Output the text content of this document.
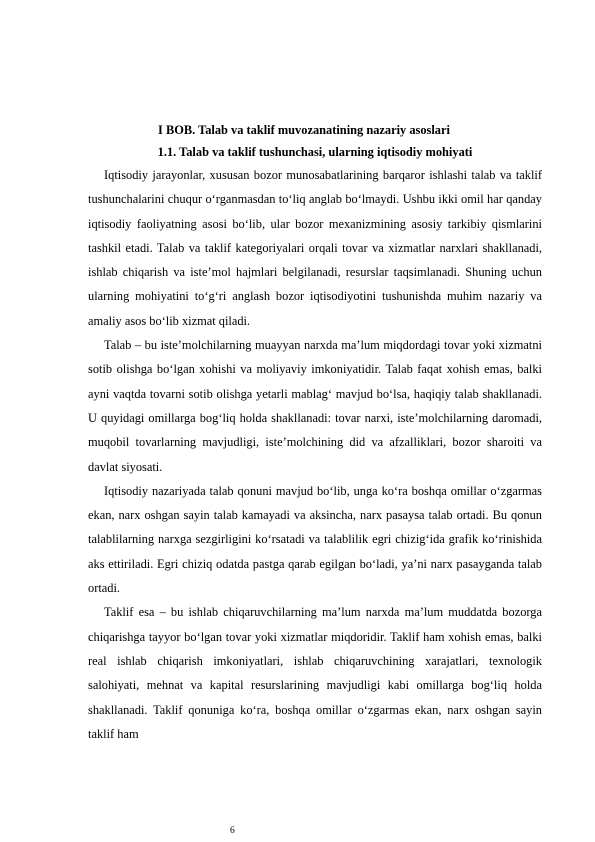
I BOB. Talab va taklif muvozanatining nazariy asoslari
1.1. Talab va taklif tushunchasi, ularning iqtisodiy mohiyati

Iqtisodiy jarayonlar, xususan bozor munosabatlarining barqaror ishlashi talab va taklif tushunchalarini chuqur o‘rganmasdan to‘liq anglab bo‘lmaydi. Ushbu ikki omil har qanday iqtisodiy faoliyatning asosi bo‘lib, ular bozor mexanizmining asosiy tarkibiy qismlarini tashkil etadi. Talab va taklif kategoriyalari orqali tovar va xizmatlar narxlari shakllanadi, ishlab chiqarish va iste’mol hajmlari belgilanadi, resurslar taqsimlanadi. Shuning uchun ularning mohiyatini to‘g‘ri anglash bozor iqtisodiyotini tushunishda muhim nazariy va amaliy asos bo‘lib xizmat qiladi.

Talab – bu iste’molchilarning muayyan narxda ma’lum miqdordagi tovar yoki xizmatni sotib olishga bo‘lgan xohishi va moliyaviy imkoniyatidir. Talab faqat xohish emas, balki ayni vaqtda tovarni sotib olishga yetarli mablag‘ mavjud bo‘lsa, haqiqiy talab shakllanadi. U quyidagi omillarga bog‘liq holda shakllanadi: tovar narxi, iste’molchilarning daromadi, muqobil tovarlarning mavjudligi, iste’molchining did va afzalliklari, bozor sharoiti va davlat siyosati.

Iqtisodiy nazariyada talab qonuni mavjud bo‘lib, unga ko‘ra boshqa omillar o‘zgarmas ekan, narx oshgan sayin talab kamayadi va aksincha, narx pasaysa talab ortadi. Bu qonun talablilarning narxga sezgirligini ko‘rsatadi va talablilik egri chizig‘ida grafik ko‘rinishida aks ettiriladi. Egri chiziq odatda pastga qarab egilgan bo‘ladi, ya’ni narx pasayganda talab ortadi.

Taklif esa – bu ishlab chiqaruvchilarning ma’lum narxda ma’lum muddatda bozorga chiqarishga tayyor bo‘lgan tovar yoki xizmatlar miqdoridir. Taklif ham xohish emas, balki real ishlab chiqarish imkoniyatlari, ishlab chiqaruvchining xarajatlari, texnologik salohiyati, mehnat va kapital resurslarining mavjudligi kabi omillarga bog‘liq holda shakllanadi. Taklif qonuniga ko‘ra, boshqa omillar o‘zgarmas ekan, narx oshgan sayin taklif ham

6
